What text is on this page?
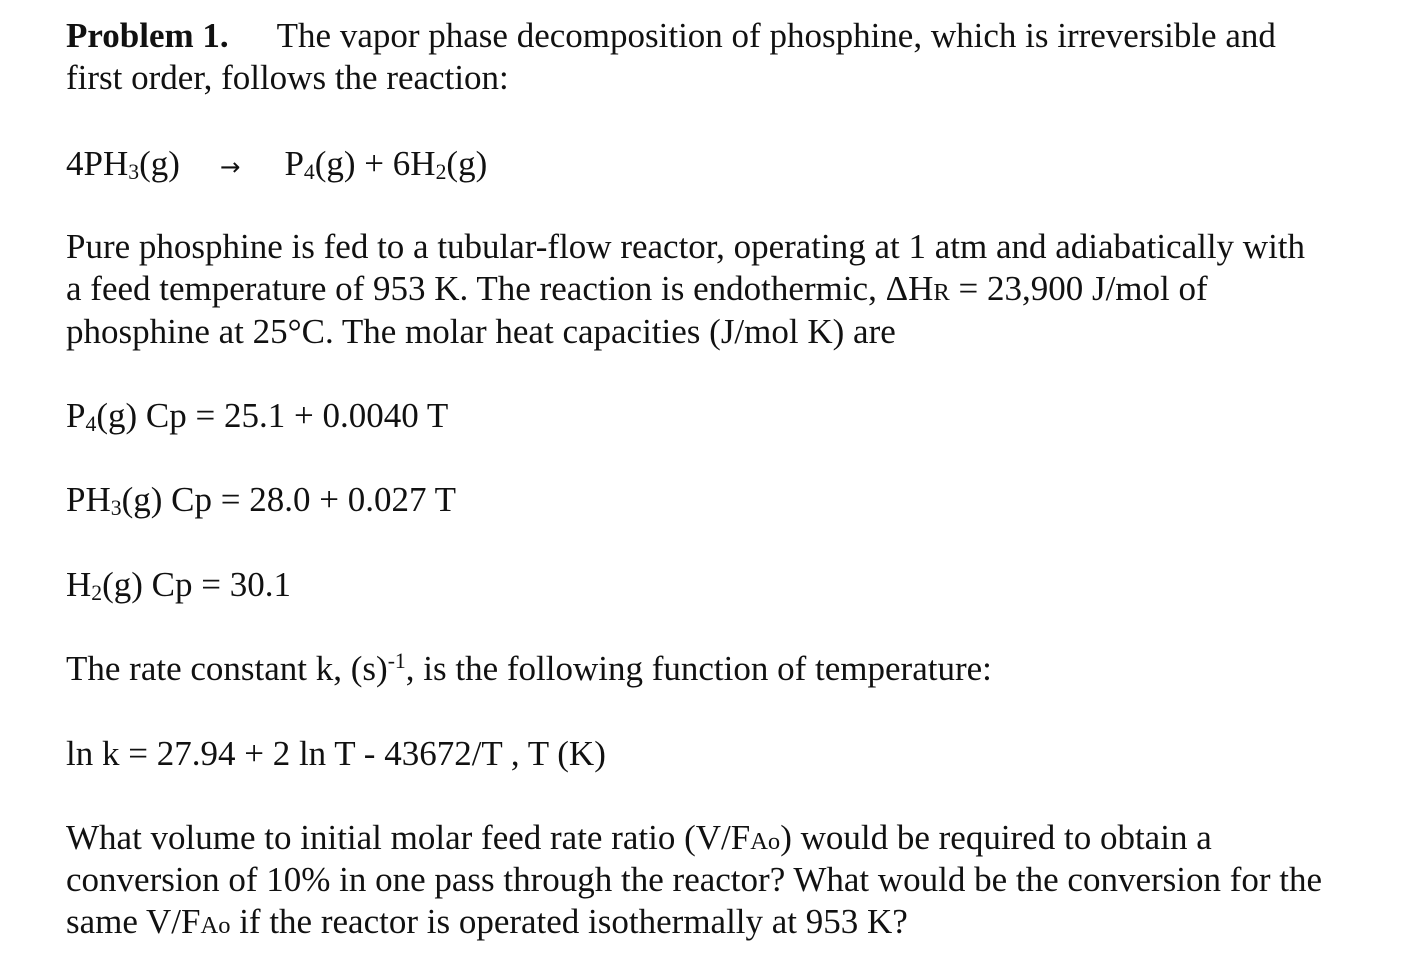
Problem 1. The vapor phase decomposition of phosphine, which is irreversible and
first order, follows the reaction:
4PH3(g) → P4(g) + 6H2(g)
Pure phosphine is fed to a tubular-flow reactor, operating at 1 atm and adiabatically with
a feed temperature of 953 K. The reaction is endothermic, ΔHR = 23,900 J/mol of
phosphine at 25°C. The molar heat capacities (J/mol K) are
P4(g) Cp = 25.1 + 0.0040 T
PH3(g) Cp = 28.0 + 0.027 T
H2(g) Cp = 30.1
The rate constant k, $(s)^{-1}$, is the following function of temperature:
ln k = 27.94 + 2 ln T - 43672/T , T (K)
What volume to initial molar feed rate ratio (V/FAo) would be required to obtain a
conversion of 10% in one pass through the reactor? What would be the conversion for the
same V/FAo if the reactor is operated isothermally at 953 K?
